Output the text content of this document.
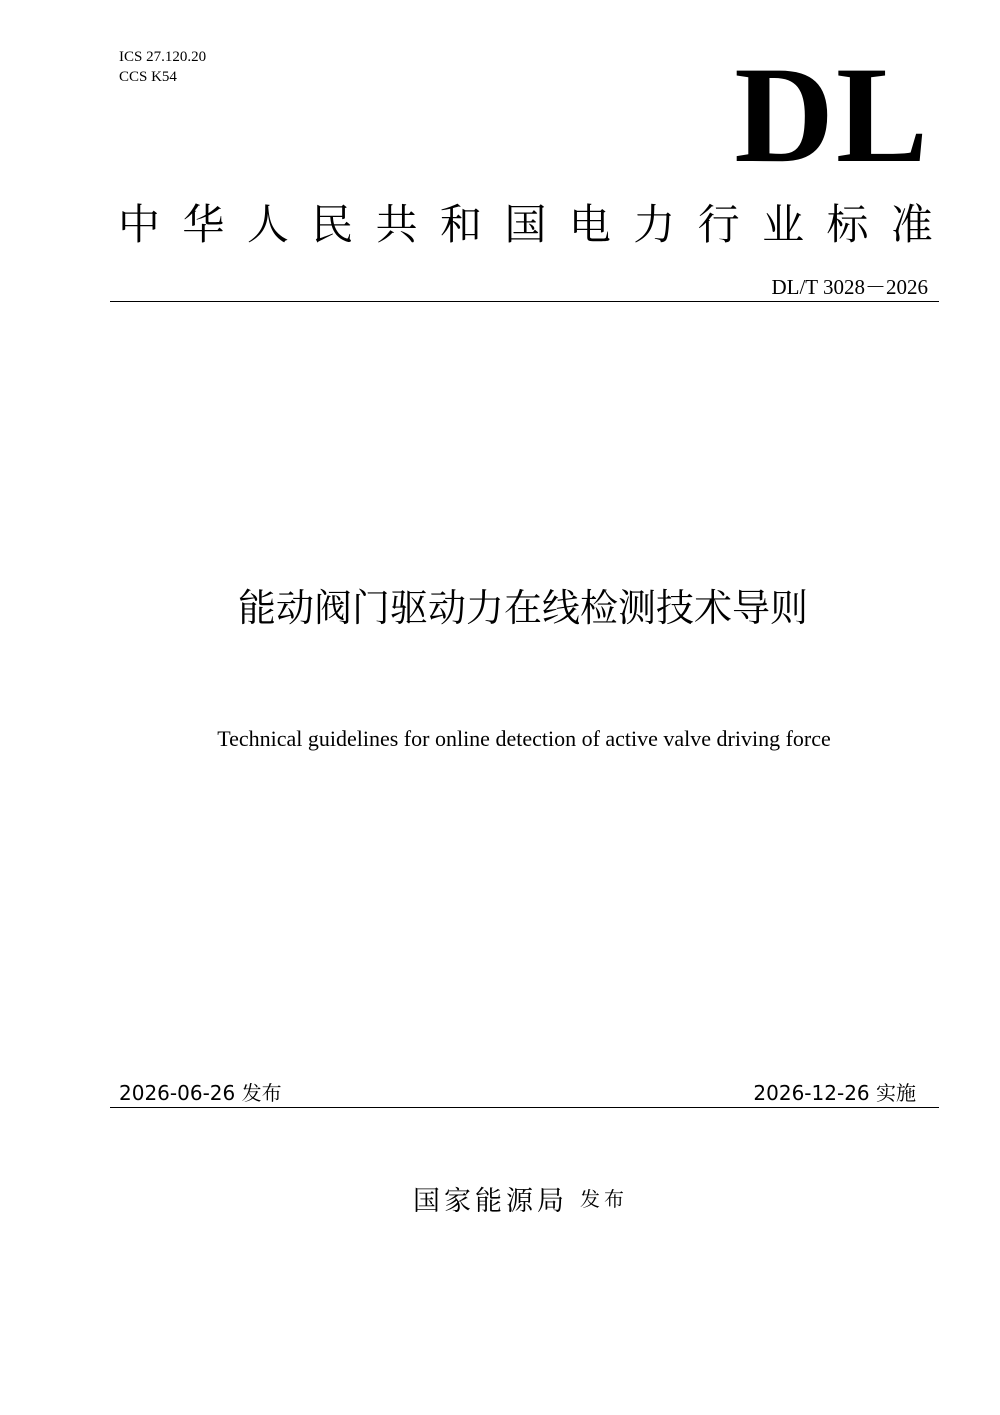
ICS 27.120.20
CCS K54	DL
中 华 人 民 共 和 国 电 力 行 业 标 准
DL/T 3028－2026
能动阀门驱动力在线检测技术导则
Technical guidelines for online detection of active valve driving force
2026-06-26 发布	2026-12-26 实施
国家能源局 发布
